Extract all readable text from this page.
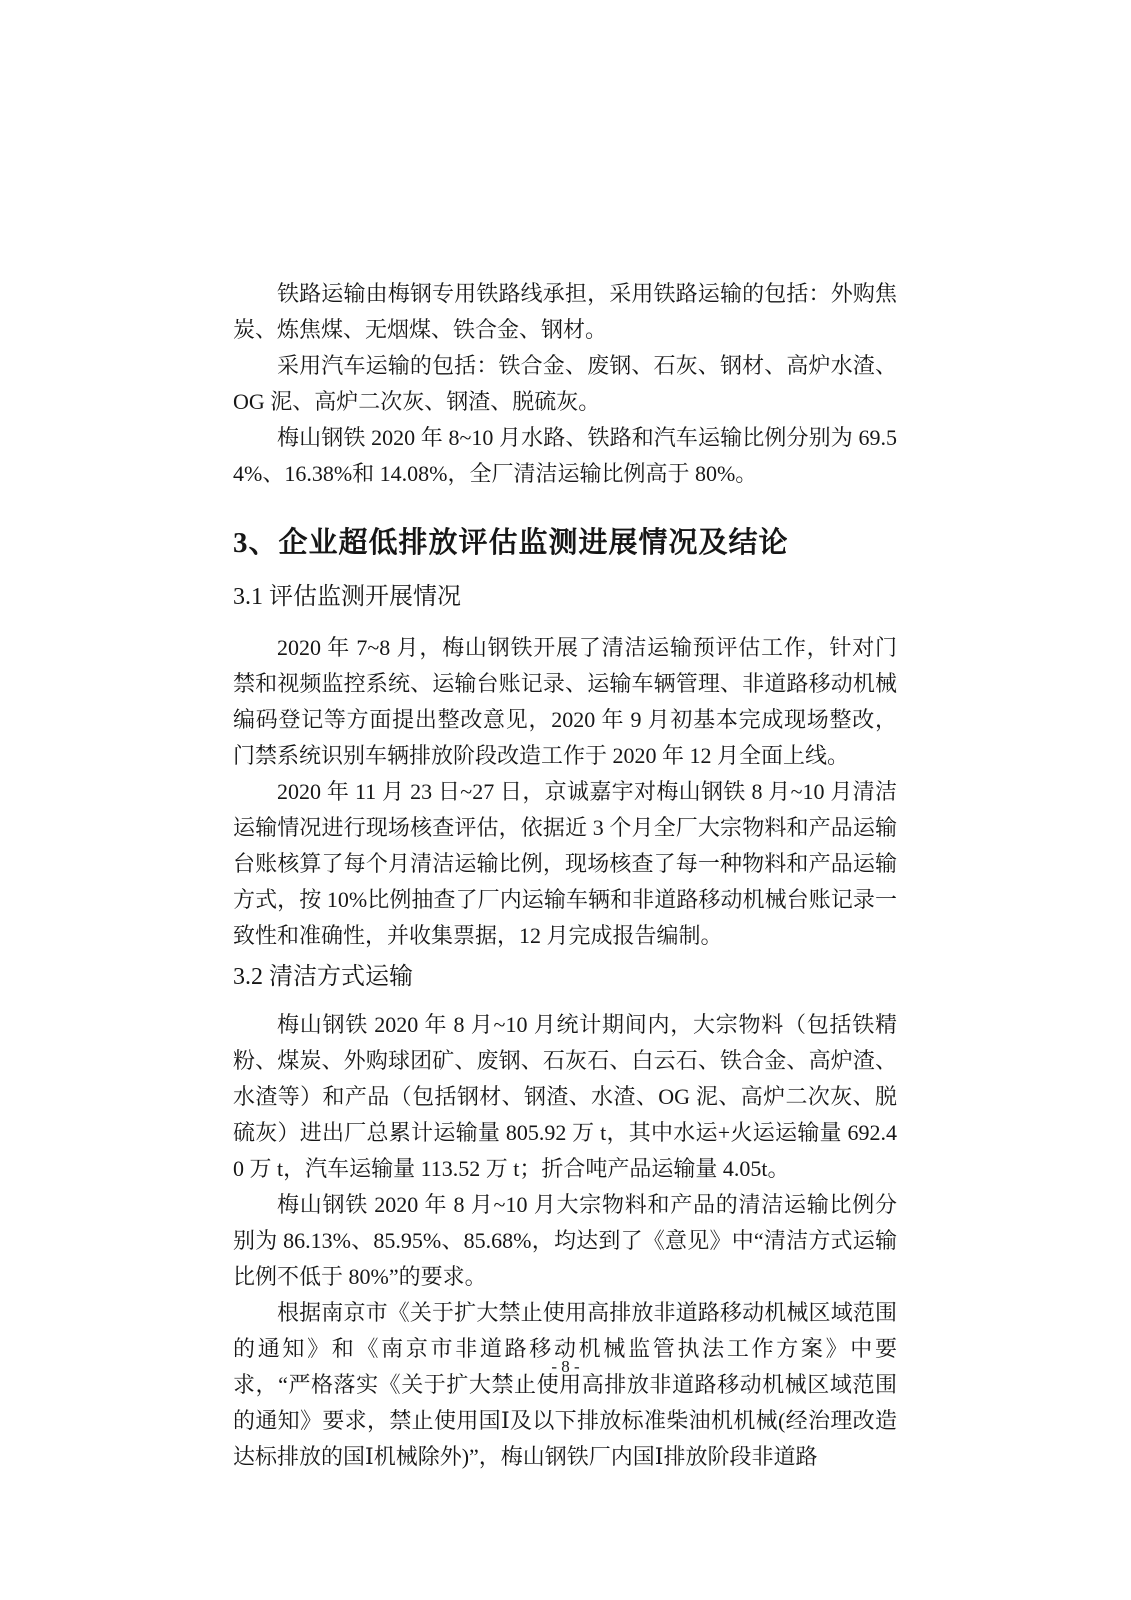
铁路运输由梅钢专用铁路线承担，采用铁路运输的包括：外购焦炭、炼焦煤、无烟煤、铁合金、钢材。

采用汽车运输的包括：铁合金、废钢、石灰、钢材、高炉水渣、OG 泥、高炉二次灰、钢渣、脱硫灰。

梅山钢铁 2020 年 8~10 月水路、铁路和汽车运输比例分别为 69.54%、16.38%和 14.08%，全厂清洁运输比例高于 80%。

3、企业超低排放评估监测进展情况及结论
3.1 评估监测开展情况

2020 年 7~8 月，梅山钢铁开展了清洁运输预评估工作，针对门禁和视频监控系统、运输台账记录、运输车辆管理、非道路移动机械编码登记等方面提出整改意见，2020 年 9 月初基本完成现场整改，门禁系统识别车辆排放阶段改造工作于 2020 年 12 月全面上线。

2020 年 11 月 23 日~27 日，京诚嘉宇对梅山钢铁 8 月~10 月清洁运输情况进行现场核查评估，依据近 3 个月全厂大宗物料和产品运输台账核算了每个月清洁运输比例，现场核查了每一种物料和产品运输方式，按 10%比例抽查了厂内运输车辆和非道路移动机械台账记录一致性和准确性，并收集票据，12 月完成报告编制。

3.2 清洁方式运输

梅山钢铁 2020 年 8 月~10 月统计期间内，大宗物料（包括铁精粉、煤炭、外购球团矿、废钢、石灰石、白云石、铁合金、高炉渣、水渣等）和产品（包括钢材、钢渣、水渣、OG 泥、高炉二次灰、脱硫灰）进出厂总累计运输量 805.92 万 t，其中水运+火运运输量 692.40 万 t，汽车运输量 113.52 万 t；折合吨产品运输量 4.05t。

梅山钢铁 2020 年 8 月~10 月大宗物料和产品的清洁运输比例分别为 86.13%、85.95%、85.68%，均达到了《意见》中“清洁方式运输比例不低于 80%”的要求。

根据南京市《关于扩大禁止使用高排放非道路移动机械区域范围的通知》和《南京市非道路移动机械监管执法工作方案》中要求，“严格落实《关于扩大禁止使用高排放非道路移动机械区域范围的通知》要求，禁止使用国Ⅰ及以下排放标准柴油机机械(经治理改造达标排放的国Ⅰ机械除外)”，梅山钢铁厂内国Ⅰ排放阶段非道路

- 8 -
